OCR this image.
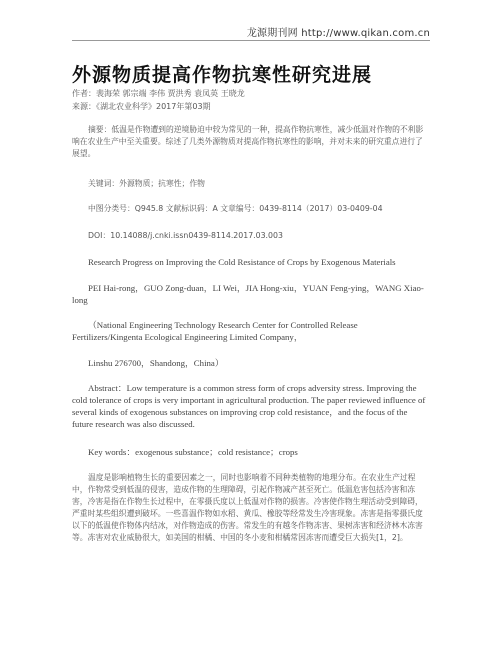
龙源期刊网 http://www.qikan.com.cn
外源物质提高作物抗寒性研究进展
作者：裴海荣 郭宗端 李伟 贾洪秀 袁凤英 王晓龙
来源：《湖北农业科学》2017年第03期
摘要：低温是作物遭到的逆境胁迫中较为常见的一种，提高作物抗寒性，减少低温对作物的不利影响在农业生产中至关重要。综述了几类外源物质对提高作物抗寒性的影响，并对未来的研究重点进行了展望。
关键词：外源物质；抗寒性；作物
中图分类号：Q945.8 文献标识码：A 文章编号：0439-8114（2017）03-0409-04
DOI：10.14088/j.cnki.issn0439-8114.2017.03.003
Research Progress on Improving the Cold Resistance of Crops by Exogenous Materials
PEI Hai-rong，GUO Zong-duan，LI Wei，JIA Hong-xiu，YUAN Feng-ying，WANG Xiao-long
（National Engineering Technology Research Center for Controlled Release Fertilizers/Kingenta Ecological Engineering Limited Company，
Linshu 276700，Shandong，China）
Abstract：Low temperature is a common stress form of crops adversity stress. Improving the cold tolerance of crops is very important in agricultural production. The paper reviewed influence of several kinds of exogenous substances on improving crop cold resistance，and the focus of the future research was also discussed.
Key words：exogenous substance；cold resistance；crops
温度是影响植物生长的重要因素之一，同时也影响着不同种类植物的地理分布。在农业生产过程中，作物常受到低温的侵害，造成作物的生理障碍，引起作物减产甚至死亡。低温危害包括冷害和冻害，冷害是指在作物生长过程中，在零摄氏度以上低温对作物的损害。冷害使作物生理活动受到障碍，严重时某些组织遭到破坏。一些喜温作物如水稻、黄瓜、橡胶等经常发生冷害现象。冻害是指零摄氏度以下的低温使作物体内结冰，对作物造成的伤害。常发生的有越冬作物冻害、果树冻害和经济林木冻害等。冻害对农业威胁很大，如美国的柑橘、中国的冬小麦和柑橘常因冻害而遭受巨大损失[1，2]。
